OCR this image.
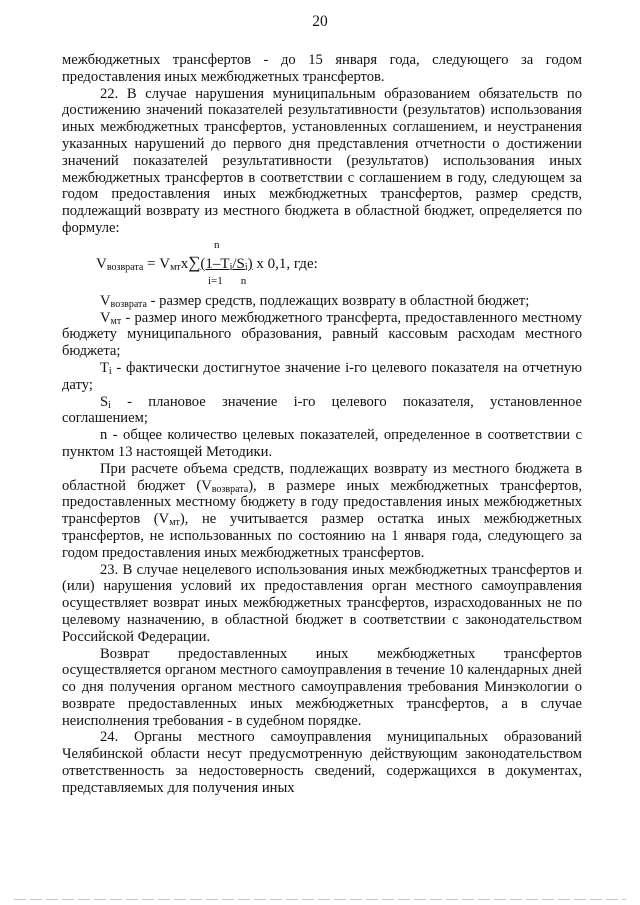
20

межбюджетных трансфертов - до 15 января года, следующего за годом предоставления иных межбюджетных трансфертов.

22. В случае нарушения муниципальным образованием обязательств по достижению значений показателей результативности (результатов) использования иных межбюджетных трансфертов, установленных соглашением, и неустранения указанных нарушений до первого дня представления отчетности о достижении значений показателей результативности (результатов) использования иных межбюджетных трансфертов в соответствии с соглашением в году, следующем за годом предоставления иных межбюджетных трансфертов, размер средств, подлежащий возврату из местного бюджета в областной бюджет, определяется по формуле:

n
$V_{возврата} = V_{мт}x\sum(1-T_i/S_i)$ x 0,1, где:
i=1 n

$V_{возврата}$ - размер средств, подлежащих возврату в областной бюджет;

$V_{мт}$ - размер иного межбюджетного трансферта, предоставленного местному бюджету муниципального образования, равный кассовым расходам местного бюджета;

$T_i$ - фактически достигнутое значение i-го целевого показателя на отчетную дату;

$S_i$ - плановое значение i-го целевого показателя, установленное соглашением;

n - общее количество целевых показателей, определенное в соответствии с пунктом 13 настоящей Методики.

При расчете объема средств, подлежащих возврату из местного бюджета в областной бюджет $(V_{возврата})$, в размере иных межбюджетных трансфертов, предоставленных местному бюджету в году предоставления иных межбюджетных трансфертов $(V_{мт})$, не учитывается размер остатка иных межбюджетных трансфертов, не использованных по состоянию на 1 января года, следующего за годом предоставления иных межбюджетных трансфертов.

23. В случае нецелевого использования иных межбюджетных трансфертов и (или) нарушения условий их предоставления орган местного самоуправления осуществляет возврат иных межбюджетных трансфертов, израсходованных не по целевому назначению, в областной бюджет в соответствии с законодательством Российской Федерации.

Возврат предоставленных иных межбюджетных трансфертов осуществляется органом местного самоуправления в течение 10 календарных дней со дня получения органом местного самоуправления требования Минэкологии о возврате предоставленных иных межбюджетных трансфертов, а в случае неисполнения требования - в судебном порядке.

24. Органы местного самоуправления муниципальных образований Челябинской области несут предусмотренную действующим законодательством ответственность за недостоверность сведений, содержащихся в документах, представляемых для получения иных
